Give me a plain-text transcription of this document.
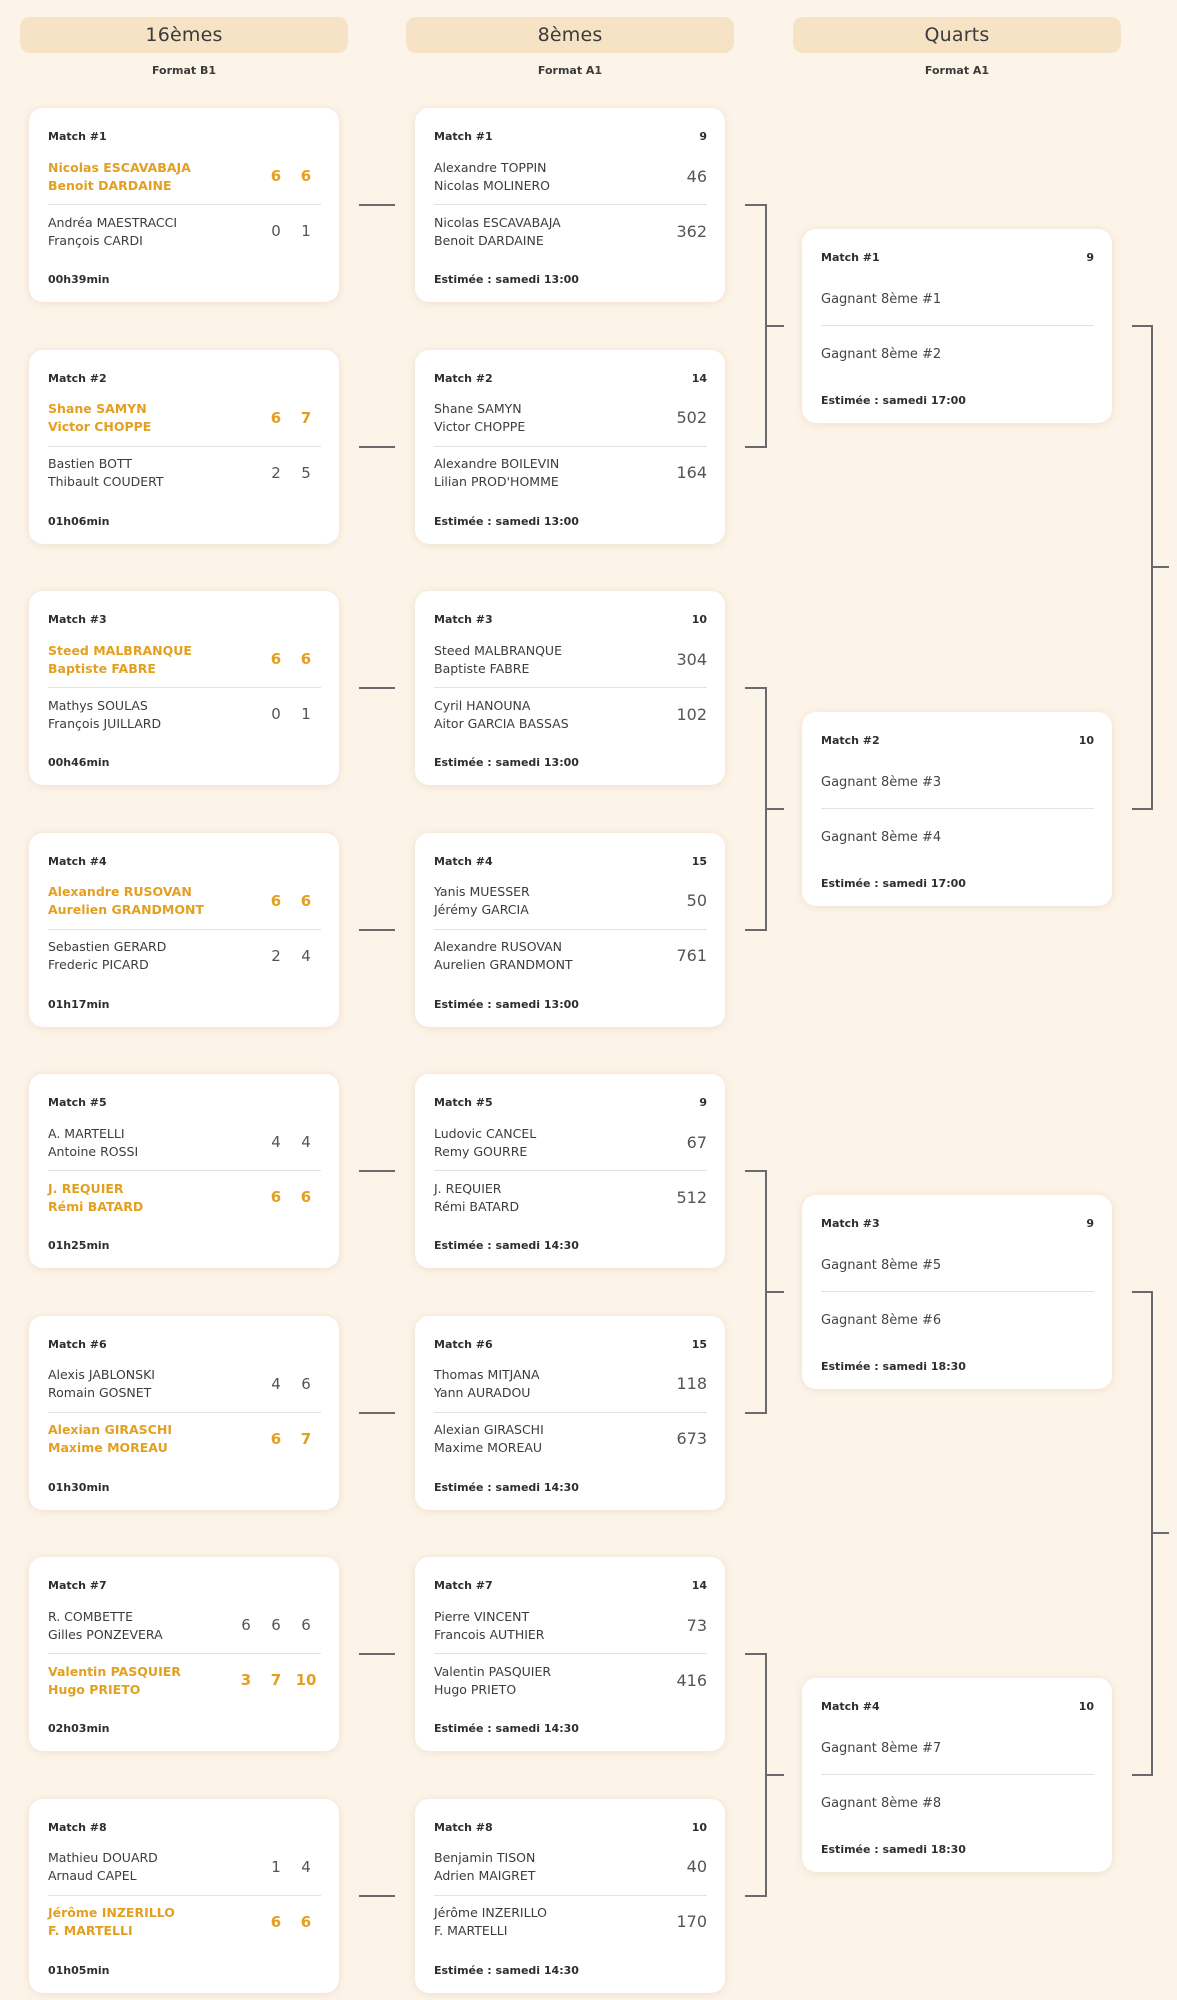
16èmes
Format B1
8èmes
Format A1
Quarts
Format A1
Match #1
Nicolas ESCAVABAJA
Benoit DARDAINE	6	6
Andréa MAESTRACCI
François CARDI	0	1
00h39min
Match #2
Shane SAMYN
Victor CHOPPE	6	7
Bastien BOTT
Thibault COUDERT	2	5
01h06min
Match #3
Steed MALBRANQUE
Baptiste FABRE	6	6
Mathys SOULAS
François JUILLARD	0	1
00h46min
Match #4
Alexandre RUSOVAN
Aurelien GRANDMONT	6	6
Sebastien GERARD
Frederic PICARD	2	4
01h17min
Match #5
A. MARTELLI
Antoine ROSSI	4	4
J. REQUIER
Rémi BATARD	6	6
01h25min
Match #6
Alexis JABLONSKI
Romain GOSNET	4	6
Alexian GIRASCHI
Maxime MOREAU	6	7
01h30min
Match #7
R. COMBETTE
Gilles PONZEVERA	6	6	6
Valentin PASQUIER
Hugo PRIETO	3	7 10
02h03min
Match #8
Mathieu DOUARD
Arnaud CAPEL	1	4
Jérôme INZERILLO
F. MARTELLI	6	6
01h05min
Match #1	9
Alexandre TOPPIN
Nicolas MOLINERO	46
Nicolas ESCAVABAJA
Benoit DARDAINE	362
Estimée : samedi 13:00
Match #2	14
Shane SAMYN
Victor CHOPPE	502
Alexandre BOILEVIN
Lilian PROD'HOMME	164
Estimée : samedi 13:00
Match #3	10
Steed MALBRANQUE
Baptiste FABRE	304
Cyril HANOUNA
Aitor GARCIA BASSAS	102
Estimée : samedi 13:00
Match #4	15
Yanis MUESSER
Jérémy GARCIA	50
Alexandre RUSOVAN
Aurelien GRANDMONT	761
Estimée : samedi 13:00
Match #5	9
Ludovic CANCEL
Remy GOURRE	67
J. REQUIER
Rémi BATARD	512
Estimée : samedi 14:30
Match #6	15
Thomas MITJANA
Yann AURADOU	118
Alexian GIRASCHI
Maxime MOREAU	673
Estimée : samedi 14:30
Match #7	14
Pierre VINCENT
Francois AUTHIER	73
Valentin PASQUIER
Hugo PRIETO	416
Estimée : samedi 14:30
Match #8	10
Benjamin TISON
Adrien MAIGRET	40
Jérôme INZERILLO
F. MARTELLI	170
Estimée : samedi 14:30
Match #1	9
Gagnant 8ème #1
Gagnant 8ème #2
Estimée : samedi 17:00
Match #2	10
Gagnant 8ème #3
Gagnant 8ème #4
Estimée : samedi 17:00
Match #3	9
Gagnant 8ème #5
Gagnant 8ème #6
Estimée : samedi 18:30
Match #4	10
Gagnant 8ème #7
Gagnant 8ème #8
Estimée : samedi 18:30
